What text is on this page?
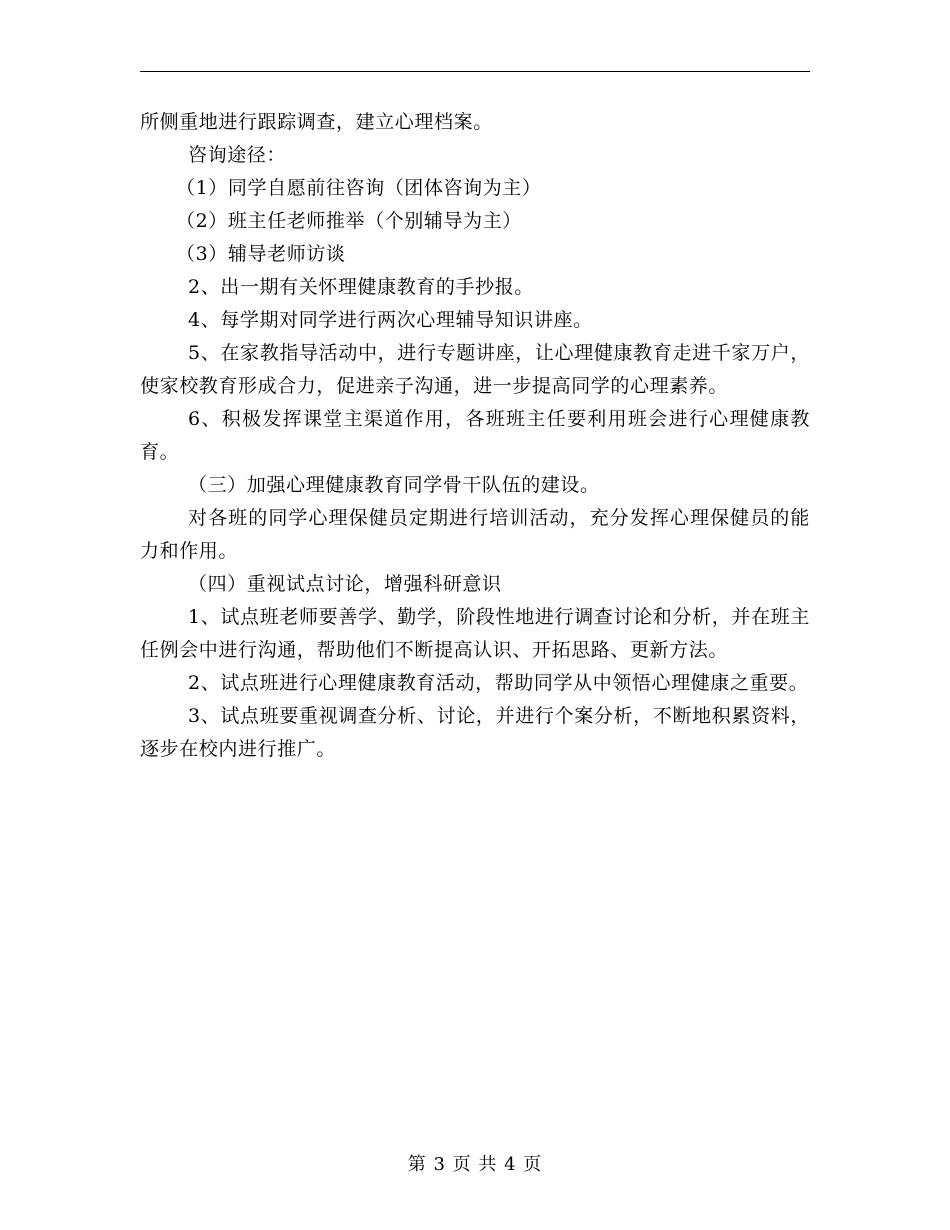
所侧重地进行跟踪调查，建立心理档案。

咨询途径：

（1）同学自愿前往咨询（团体咨询为主）

（2）班主任老师推举（个别辅导为主）

（3）辅导老师访谈

2、出一期有关怀理健康教育的手抄报。

4、每学期对同学进行两次心理辅导知识讲座。

5、在家教指导活动中，进行专题讲座，让心理健康教育走进千家万户，使家校教育形成合力，促进亲子沟通，进一步提高同学的心理素养。

6、积极发挥课堂主渠道作用，各班班主任要利用班会进行心理健康教育。

（三）加强心理健康教育同学骨干队伍的建设。

对各班的同学心理保健员定期进行培训活动，充分发挥心理保健员的能力和作用。

（四）重视试点讨论，增强科研意识

1、试点班老师要善学、勤学，阶段性地进行调查讨论和分析，并在班主任例会中进行沟通，帮助他们不断提高认识、开拓思路、更新方法。

2、试点班进行心理健康教育活动，帮助同学从中领悟心理健康之重要。

3、试点班要重视调查分析、讨论，并进行个案分析，不断地积累资料，逐步在校内进行推广。

第 3 页 共 4 页
